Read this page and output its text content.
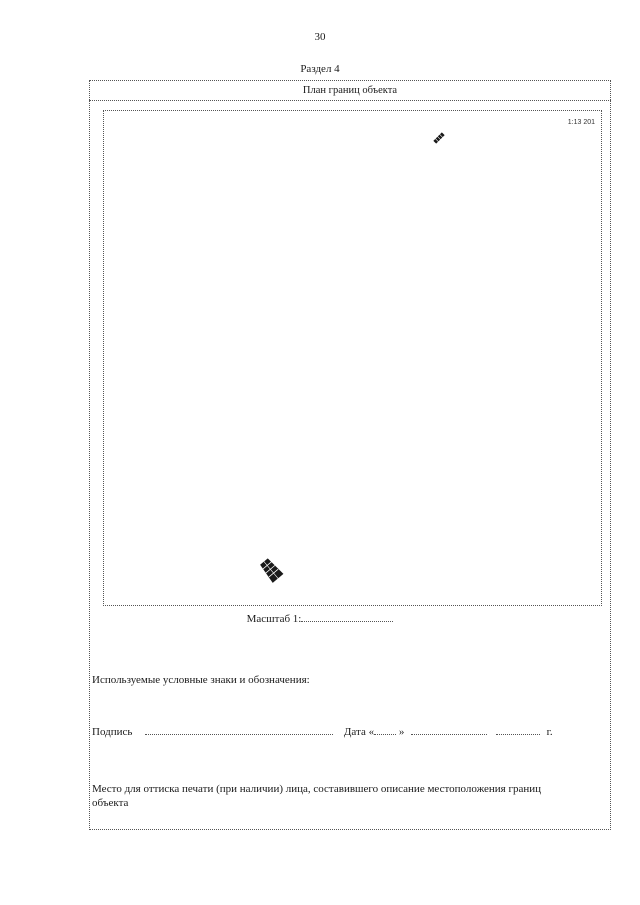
30
Раздел 4
План границ объекта
1:13 201
Масштаб 1:
Используемые условные знаки и обозначения:
Подпись	Дата « »	г.
Место для оттиска печати (при наличии) лица, составившего описание местоположения границ объекта
